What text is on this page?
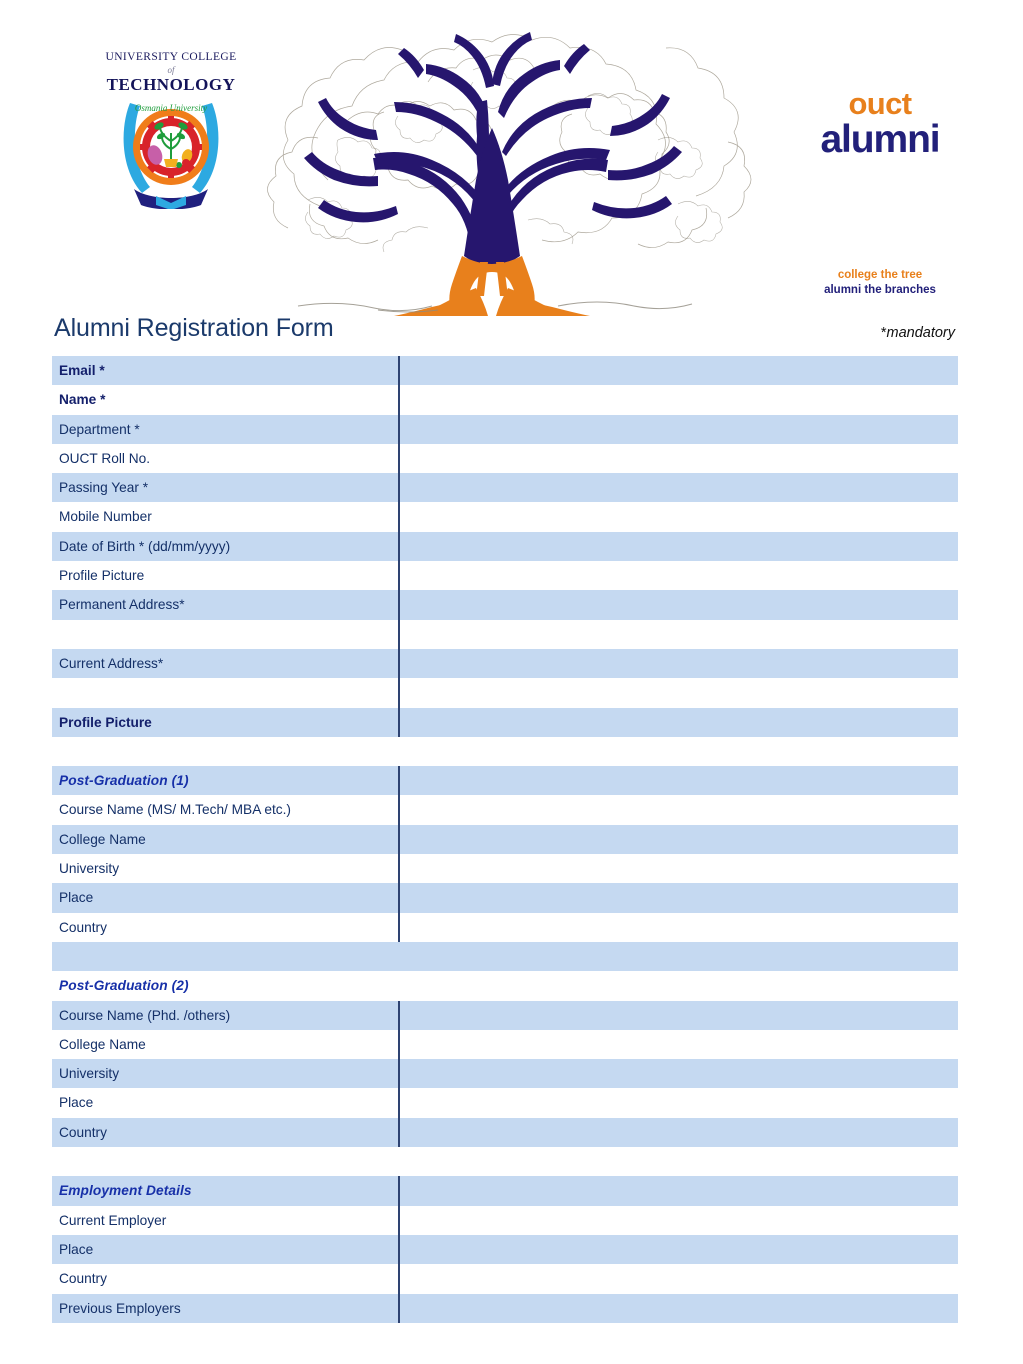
UNIVERSITY COLLEGE
of
TECHNOLOGY
Osmania University	ouct
alumni
college the tree
alumni the branches
Alumni Registration Form	*mandatory
Email *
Name *
Department *
OUCT Roll No.
Passing Year *
Mobile Number
Date of Birth * (dd/mm/yyyy)
Profile Picture
Permanent Address*
Current Address*
Profile Picture
Post-Graduation (1)
Course Name (MS/ M.Tech/ MBA etc.)
College Name
University
Place
Country
Post-Graduation (2)
Course Name (Phd. /others)
College Name
University
Place
Country
Employment Details
Current Employer
Place
Country
Previous Employers
